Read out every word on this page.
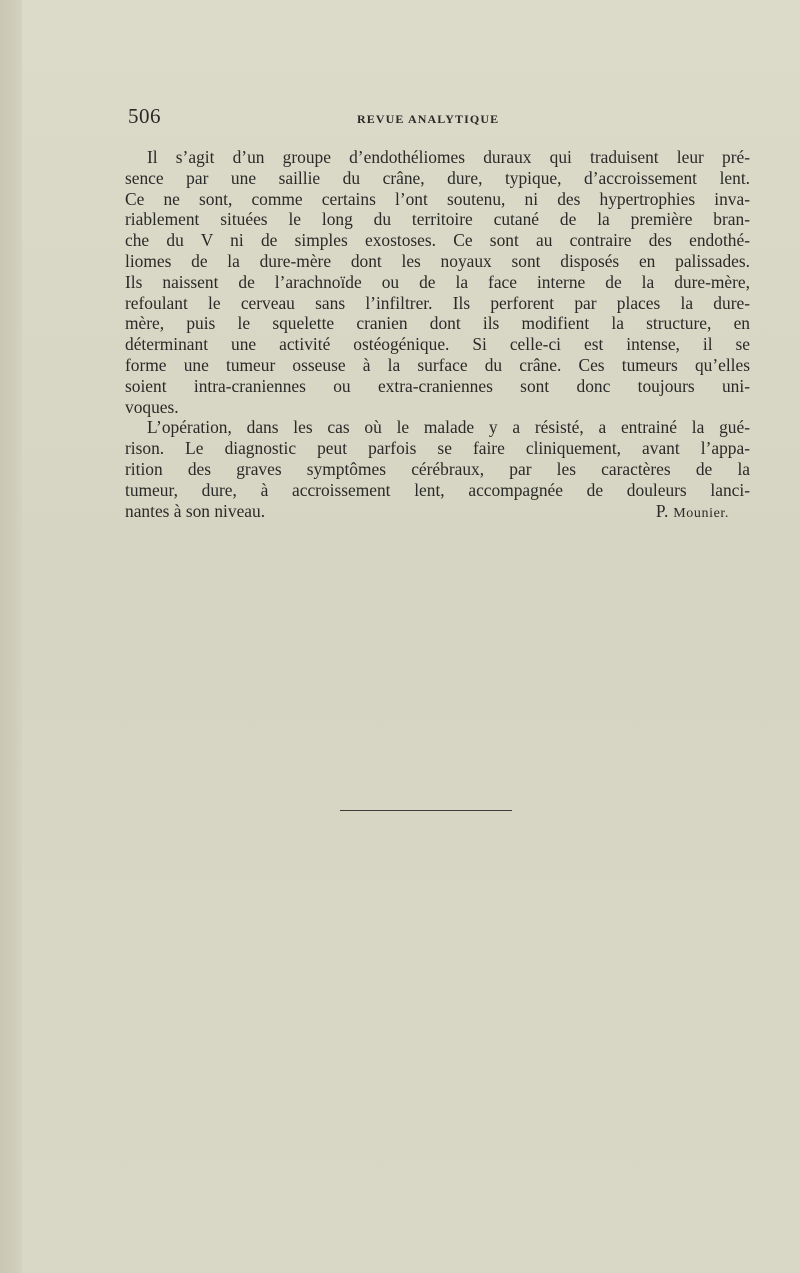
506	REVUE ANALYTIQUE
Il s’agit d’un groupe d’endothéliomes duraux qui traduisent leur pré-
sence par une saillie du crâne, dure, typique, d’accroissement lent.
Ce ne sont, comme certains l’ont soutenu, ni des hypertrophies inva-
riablement situées le long du territoire cutané de la première bran-
che du V ni de simples exostoses. Ce sont au contraire des endothé-
liomes de la dure-mère dont les noyaux sont disposés en palissades.
Ils naissent de l’arachnoïde ou de la face interne de la dure-mère,
refoulant le cerveau sans l’infiltrer. Ils perforent par places la dure-
mère, puis le squelette cranien dont ils modifient la structure, en
déterminant une activité ostéogénique. Si celle-ci est intense, il se
forme une tumeur osseuse à la surface du crâne. Ces tumeurs qu’elles
soient intra-craniennes ou extra-craniennes sont donc toujours uni-
voques.
L’opération, dans les cas où le malade y a résisté, a entrainé la gué-
rison. Le diagnostic peut parfois se faire cliniquement, avant l’appa-
rition des graves symptômes cérébraux, par les caractères de la
tumeur, dure, à accroissement lent, accompagnée de douleurs lanci-
nantes à son niveau.	P. Mounier.
